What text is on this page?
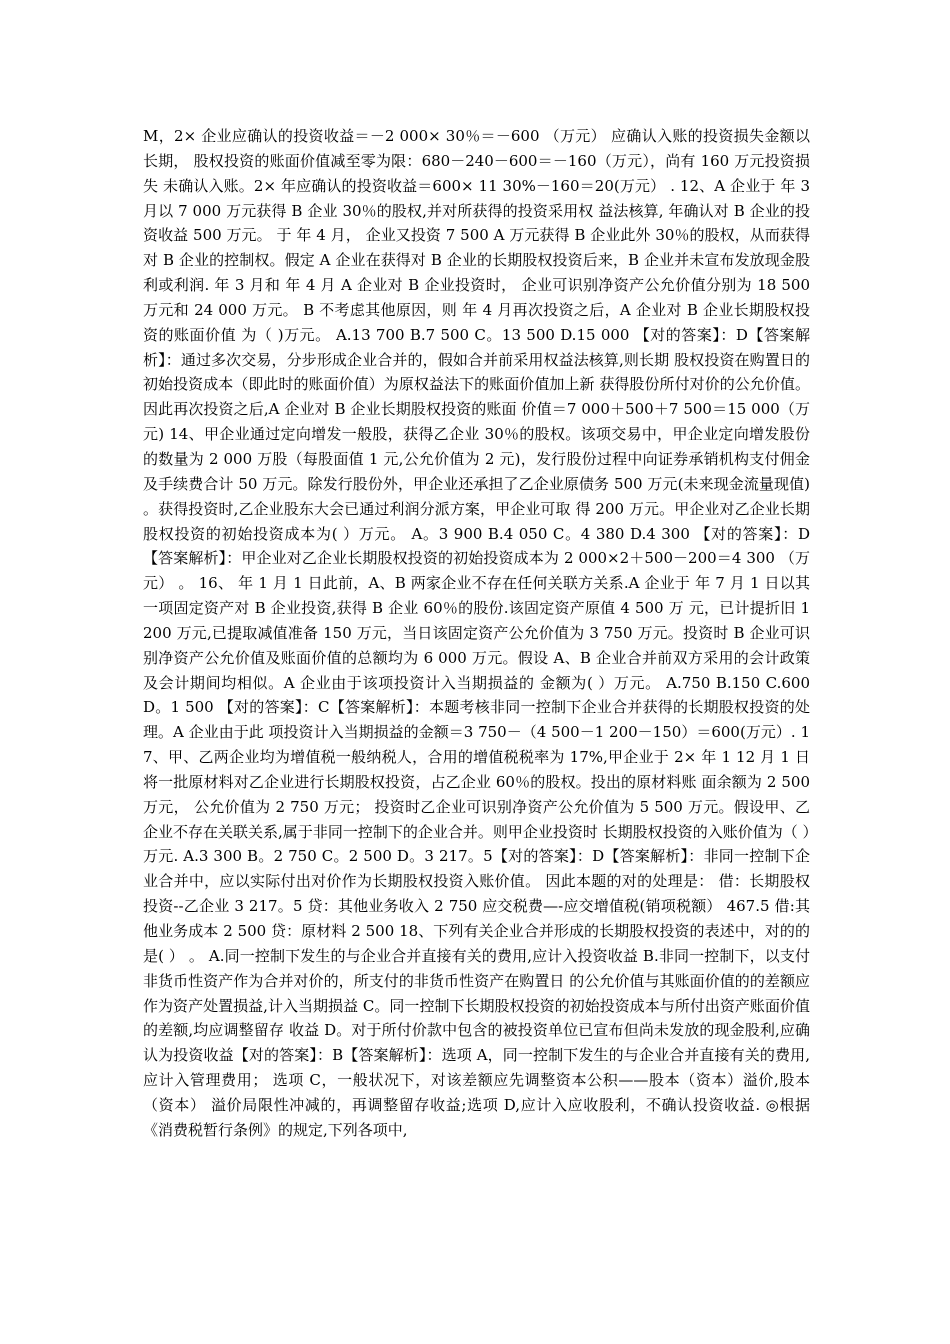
M，2× 企业应确认的投资收益＝－2 000× 30％＝－600 （万元） 应确认入账的投资损失金额以长期， 股权投资的账面价值减至零为限：680－240－600＝－160（万元），尚有 160 万元投资损失 未确认入账。2× 年应确认的投资收益＝600× 11 30%－160＝20(万元） . 12、A 企业于 年 3 月以 7 000 万元获得 B 企业 30％的股权,并对所获得的投资采用权 益法核算, 年确认对 B 企业的投资收益 500 万元。 于 年 4 月， 企业又投资 7 500 A 万元获得 B 企业此外 30％的股权，从而获得对 B 企业的控制权。假定 A 企业在获得对 B 企业的长期股权投资后来，B 企业并未宣布发放现金股利或利润. 年 3 月和 年 4 月 A 企业对 B 企业投资时， 企业可识别净资产公允价值分别为 18 500 万元和 24 000 万元。 B 不考虑其他原因，则 年 4 月再次投资之后，A 企业对 B 企业长期股权投资的账面价值 为（ )万元。 A.13 700 B.7 500 C。13 500 D.15 000 【对的答案】：D【答案解析】：通过多次交易，分步形成企业合并的，假如合并前采用权益法核算,则长期 股权投资在购置日的初始投资成本（即此时的账面价值）为原权益法下的账面价值加上新 获得股份所付对价的公允价值。因此再次投资之后,A 企业对 B 企业长期股权投资的账面 价值＝7 000＋500＋7 500＝15 000（万元) 14、甲企业通过定向增发一般股，获得乙企业 30％的股权。该项交易中，甲企业定向增发股份的数量为 2 000 万股（每股面值 1 元,公允价值为 2 元)，发行股份过程中向证券承销机构支付佣金及手续费合计 50 万元。除发行股份外，甲企业还承担了乙企业原债务 500 万元(未来现金流量现值) 。获得投资时,乙企业股东大会已通过利润分派方案，甲企业可取 得 200 万元。甲企业对乙企业长期股权投资的初始投资成本为( ）万元。 A。3 900 B.4 050 C。4 380 D.4 300 【对的答案】：D【答案解析】：甲企业对乙企业长期股权投资的初始投资成本为 2 000×2＋500－200＝4 300 （万元） 。 16、 年 1 月 1 日此前，A、B 两家企业不存在任何关联方关系.A 企业于 年 7 月 1 日以其一项固定资产对 B 企业投资,获得 B 企业 60％的股份.该固定资产原值 4 500 万 元，已计提折旧 1 200 万元,已提取减值准备 150 万元，当日该固定资产公允价值为 3 750 万元。投资时 B 企业可识别净资产公允价值及账面价值的总额均为 6 000 万元。假设 A、B 企业合并前双方采用的会计政策及会计期间均相似。A 企业由于该项投资计入当期损益的 金额为( ）万元。 A.750 B.150 C.600 D。1 500 【对的答案】：C【答案解析】：本题考核非同一控制下企业合并获得的长期股权投资的处理。A 企业由于此 项投资计入当期损益的金额＝3 750－（4 500－1 200－150）＝600(万元）. 17、甲、乙两企业均为增值税一般纳税人，合用的增值税税率为 17%,甲企业于 2× 年 1 12 月 1 日将一批原材料对乙企业进行长期股权投资，占乙企业 60％的股权。投出的原材料账 面余额为 2 500 万元， 公允价值为 2 750 万元； 投资时乙企业可识别净资产公允价值为 5 500 万元。假设甲、乙企业不存在关联关系,属于非同一控制下的企业合并。则甲企业投资时 长期股权投资的入账价值为（ ）万元. A.3 300 B。2 750 C。2 500 D。3 217。5【对的答案】：D【答案解析】：非同一控制下企业合并中，应以实际付出对价作为长期股权投资入账价值。 因此本题的对的处理是： 借：长期股权投资--乙企业 3 217。5 贷：其他业务收入 2 750 应交税费—-应交增值税(销项税额） 467.5 借:其他业务成本 2 500 贷：原材料 2 500 18、下列有关企业合并形成的长期股权投资的表述中，对的的是( ） 。 A.同一控制下发生的与企业合并直接有关的费用,应计入投资收益 B.非同一控制下，以支付非货币性资产作为合并对价的，所支付的非货币性资产在购置日 的公允价值与其账面价值的的差额应作为资产处置损益,计入当期损益 C。同一控制下长期股权投资的初始投资成本与所付出资产账面价值的差额,均应调整留存 收益 D。对于所付价款中包含的被投资单位已宣布但尚未发放的现金股利,应确认为投资收益【对的答案】：B【答案解析】：选项 A，同一控制下发生的与企业合并直接有关的费用,应计入管理费用； 选项 C，一般状况下，对该差额应先调整资本公积——股本（资本）溢价,股本（资本） 溢价局限性冲减的，再调整留存收益;选项 D,应计入应收股利，不确认投资收益. ◎根据《消费税暂行条例》的规定,下列各项中,
